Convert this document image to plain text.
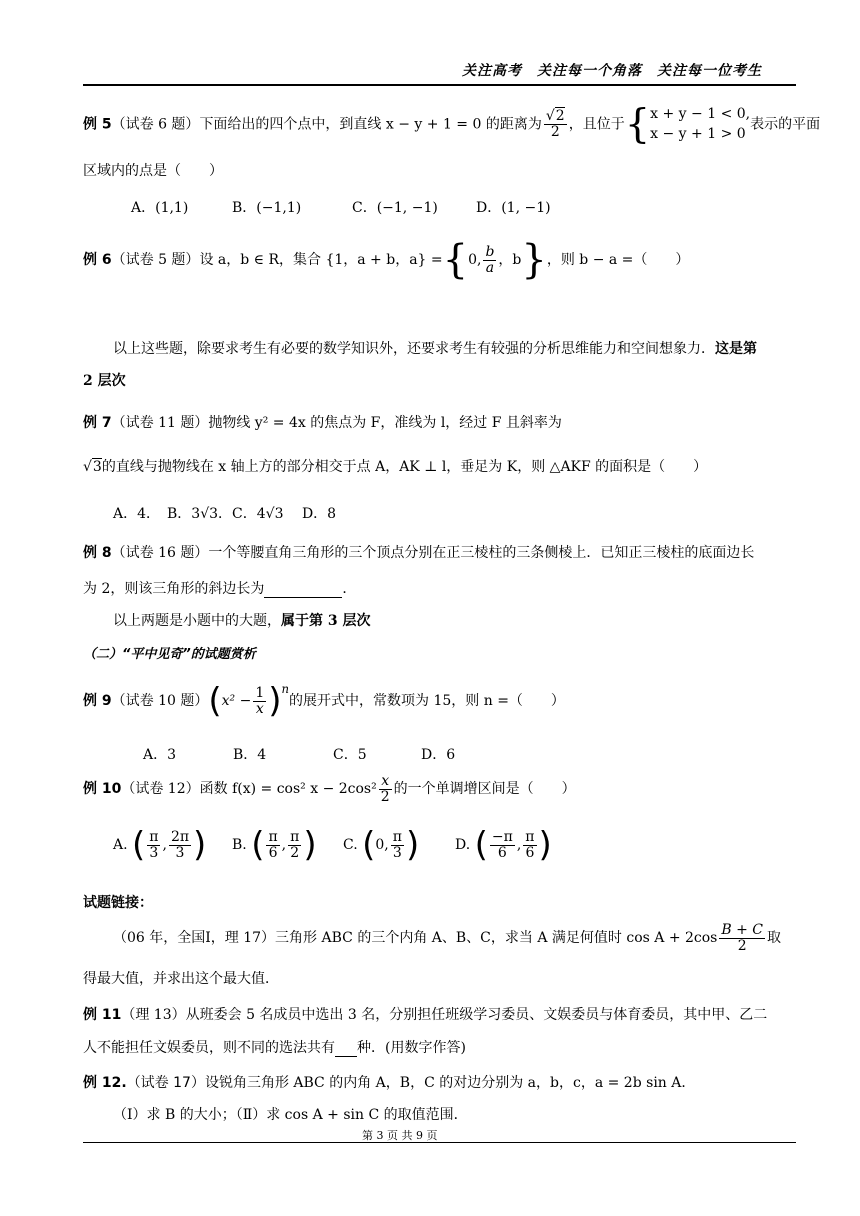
关注高考　关注每一个角落　关注每一位考生
例 5（试卷 6 题）下面给出的四个点中，到直线 x − y + 1 = 0 的距离为 $\frac{√2}{2}$ ，且位于{ x + y − 1 < 0,
x − y + 1 > 0
表示的平面
区域内的点是（　　）
A．(1,1)	B．(−1,1)	C．(−1, −1)	D．(1, −1)
例 6（试卷 5 题）设 a，b ∈ R，集合 {1，a + b，a} ={0, $\frac{b}{a}$ ，b}，则 b − a =（　　）
以上这些题，除要求考生有必要的数学知识外，还要求考生有较强的分析思维能力和空间想象力．这是第
2 层次
例 7（试卷 11 题）抛物线 y² = 4x 的焦点为 F，准线为 l，经过 F 且斜率为
√3的直线与抛物线在 x 轴上方的部分相交于点 A，AK ⊥ l，垂足为 K，则 △AKF 的面积是（　　）
A．4．　B．3√3．C．4√3　 D．8
例 8（试卷 16 题）一个等腰直角三角形的三个顶点分别在正三棱柱的三条侧棱上．已知正三棱柱的底面边长
为 2，则该三角形的斜边长为	．
以上两题是小题中的大题，属于第 3 层次
（二）“平中见奇”的试题赏析
例 9（试卷 10 题）$(x^2 - \frac{1}{x})^n$的展开式中，常数项为 15，则 n =（　　）
A．3	B．4	C．5	D．6
例 10（试卷 12）函数 f(x) = cos² $x - 2\cos^2 \frac{x}{2}$ 的一个单调增区间是（　　）
A. ( $\frac{\pi}{3}$ , $\frac{2\pi}{3}$ ) B. ( $\frac{\pi}{6}$ , $\frac{\pi}{2}$ ) C. (0, $\frac{\pi}{3}$ )	D. ( $\frac{-\pi}{6}$ , $\frac{\pi}{6}$ )
试题链接：
（06 年，全国Ⅰ，理 17）三角形 ABC 的三个内角 A、B、C，求当 A 满足何值时 $\cos A + 2\cos \frac{B + C}{2}$ 取
得最大值，并求出这个最大值．
例 11（理 13）从班委会 5 名成员中选出 3 名，分别担任班级学习委员、文娱委员与体育委员，其中甲、乙二
人不能担任文娱委员，则不同的选法共有 种．(用数字作答)
例 12.（试卷 17）设锐角三角形 ABC 的内角 A，B，C 的对边分别为 a，b，c，a = 2b sin A．
（Ⅰ）求 B 的大小；（Ⅱ）求 cos A + sin C 的取值范围．
第 3 页 共 9 页
